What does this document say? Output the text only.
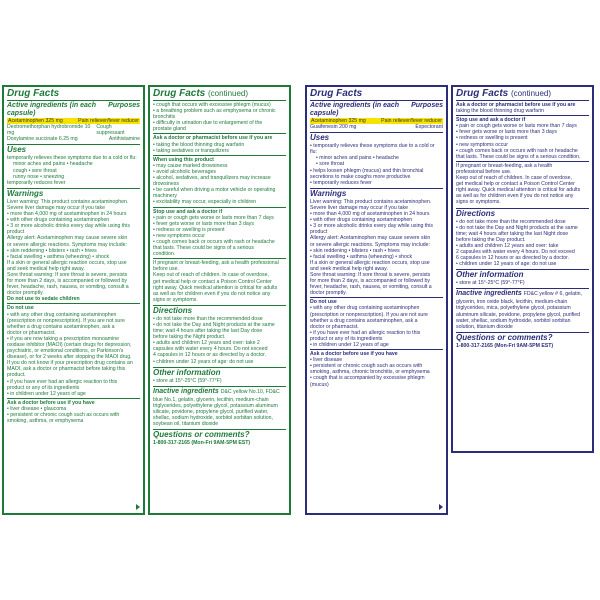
Drug Facts
Active ingredients (in each capsule)
Purposes
Acetaminophen 325 mg	Pain reliever/fever reducer
Dextromethorphan hydrobromide 10 mg
Cough suppressant
Doxylamine succinate 6.25 mg	Antihistamine
Uses
temporarily relieves these symptoms due to a cold or flu:
minor aches and pains • headache
cough • sore throat
runny nose • sneezing
temporarily reduces fever
Warnings
Liver warning: This product contains acetaminophen.
Severe liver damage may occur if you take
• more than 4,000 mg of acetaminophen in 24 hours
• with other drugs containing acetaminophen
• 3 or more alcoholic drinks every day while using this product
Allergy alert: Acetaminophen may cause severe skin
or severe allergic reactions. Symptoms may include:
• skin reddening • blisters • rash • hives
• facial swelling • asthma (wheezing) • shock
If a skin or general allergic reaction occurs, stop use
and seek medical help right away.
Sore throat warning: If sore throat is severe, persists
for more than 2 days, is accompanied or followed by
fever, headache, rash, nausea, or vomiting, consult a
doctor promptly.
Do not use to sedate children
Do not use
• with any other drug containing acetaminophen
(prescription or nonprescription). If you are not sure
whether a drug contains acetaminophen, ask a
doctor or pharmacist.
• if you are now taking a prescription monoamine
oxidase inhibitor (MAOI) (certain drugs for depression,
psychiatric, or emotional conditions, or Parkinson's
disease), or for 2 weeks after stopping the MAOI drug.
If you do not know if your prescription drug contains an
MAOI, ask a doctor or pharmacist before taking this
product.
• if you have ever had an allergic reaction to this
product or any of its ingredients
• in children under 12 years of age
Ask a doctor before use if you have
• liver disease • glaucoma
• persistent or chronic cough such as occurs with
smoking, asthma, or emphysema
Drug Facts (continued)
• cough that occurs with excessive phlegm (mucus)
• a breathing problem such as emphysema or chronic
bronchitis
• difficulty in urination due to enlargement of the
prostate gland
Ask a doctor or pharmacist before use if you are
• taking the blood thinning drug warfarin
• taking sedatives or tranquilizers
When using this product
• may cause marked drowsiness
• avoid alcoholic beverages
• alcohol, sedatives, and tranquilizers may increase
drowsiness
• be careful when driving a motor vehicle or operating
machinery
• excitability may occur, especially in children
Stop use and ask a doctor if
• pain or cough gets worse or lasts more than 7 days
• fever gets worse or lasts more than 3 days
• redness or swelling is present
• new symptoms occur
• cough comes back or occurs with rash or headache
that lasts. These could be signs of a serious
condition.
If pregnant or breast-feeding, ask a health professional
before use.
Keep out of reach of children. In case of overdose,
get medical help or contact a Poison Control Center
right away. Quick medical attention is critical for adults
as well as for children even if you do not notice any
signs or symptoms.
Directions
• do not take more than the recommended dose
• do not take the Day and Night products at the same
time; wait 4 hours after taking the last Day dose
before taking the Night product.
• adults and children 12 years and over: take 2
capsules with water every 4 hours. Do not exceed
4 capsules in 12 hours or as directed by a doctor.
• children under 12 years of age: do not use
Other information
• store at 15°-25°C (59°-77°F)
Inactive ingredients D&C yellow No.10, FD&C
blue No.1, gelatin, glycerin, lecithin, medium-chain
triglycerides, polyethylene glycol, potassium aluminum
silicate, povidone, propylene glycol, purified water,
shellac, sodium hydroxide, sorbitol sorbitan solution,
soybean oil, titanium dioxide
Questions or comments?
1-800-317-2165 (Mon-Fri 9AM-5PM EST)
Drug Facts
Active ingredients (in each capsule)
Purposes
Acetaminophen 325 mg	Pain reliever/fever reducer
Guaifenesin 200 mg	Expectorant
Uses
• temporarily relieves these symptoms due to a cold or
flu:
• minor aches and pains • headache
• sore throat
• helps loosen phlegm (mucus) and thin bronchial
secretions to make coughs more productive
• temporarily reduces fever
Warnings
Liver warning: This product contains acetaminophen.
Severe liver damage may occur if you take
• more than 4,000 mg of acetaminophen in 24 hours
• with other drugs containing acetaminophen
• 3 or more alcoholic drinks every day while using this
product
Allergy alert: Acetaminophen may cause severe skin
or severe allergic reactions. Symptoms may include:
• skin reddening • blisters • rash • hives
• facial swelling • asthma (wheezing) • shock
If a skin or general allergic reaction occurs, stop use
and seek medical help right away.
Sore throat warning: If sore throat is severe, persists
for more than 2 days, is accompanied or followed by
fever, headache, rash, nausea, or vomiting, consult a
doctor promptly.
Do not use
• with any other drug containing acetaminophen
(prescription or nonprescription). If you are not sure
whether a drug contains acetaminophen, ask a
doctor or pharmacist.
• if you have ever had an allergic reaction to this
product or any of its ingredients
• in children under 12 years of age
Ask a doctor before use if you have
• liver disease
• persistent or chronic cough such as occurs with
smoking, asthma, chronic bronchitis, or emphysema
• cough that is accompanied by excessive phlegm
(mucus)
Drug Facts (continued)
Ask a doctor or pharmacist before use if you are
taking the blood thinning drug warfarin
Stop use and ask a doctor if
• pain or cough gets worse or lasts more than 7 days
• fever gets worse or lasts more than 3 days
• redness or swelling is present
• new symptoms occur
• cough comes back or occurs with rash or headache
that lasts. These could be signs of a serious condition.
If pregnant or breast-feeding, ask a health
professional before use.
Keep out of reach of children. In case of overdose,
get medical help or contact a Poison Control Center
right away. Quick medical attention is critical for adults
as well as for children even if you do not notice any
signs or symptoms.
Directions
• do not take more than the recommended dose
• do not take the Day and Night products at the same
time; wait 4 hours after taking the last Night dose
before taking the Day product.
• adults and children 12 years and over: take
2 capsules with water every 4 hours. Do not exceed
6 capsules in 12 hours or as directed by a doctor.
• children under 12 years of age: do not use
Other information
• store at 15°-25°C (59°-77°F)
Inactive ingredients FD&C yellow # 6, gelatin,
glycerin, iron oxide black, lecithin, medium-chain
triglycerides, mica, polyethylene glycol, potassium
aluminum silicate, povidone, propylene glycol, purified
water, shellac, sodium hydroxide, sorbitol sorbitan
solution, titanium dioxide
Questions or comments?
1-800-317-2165 (Mon-Fri 9AM-5PM EST)
